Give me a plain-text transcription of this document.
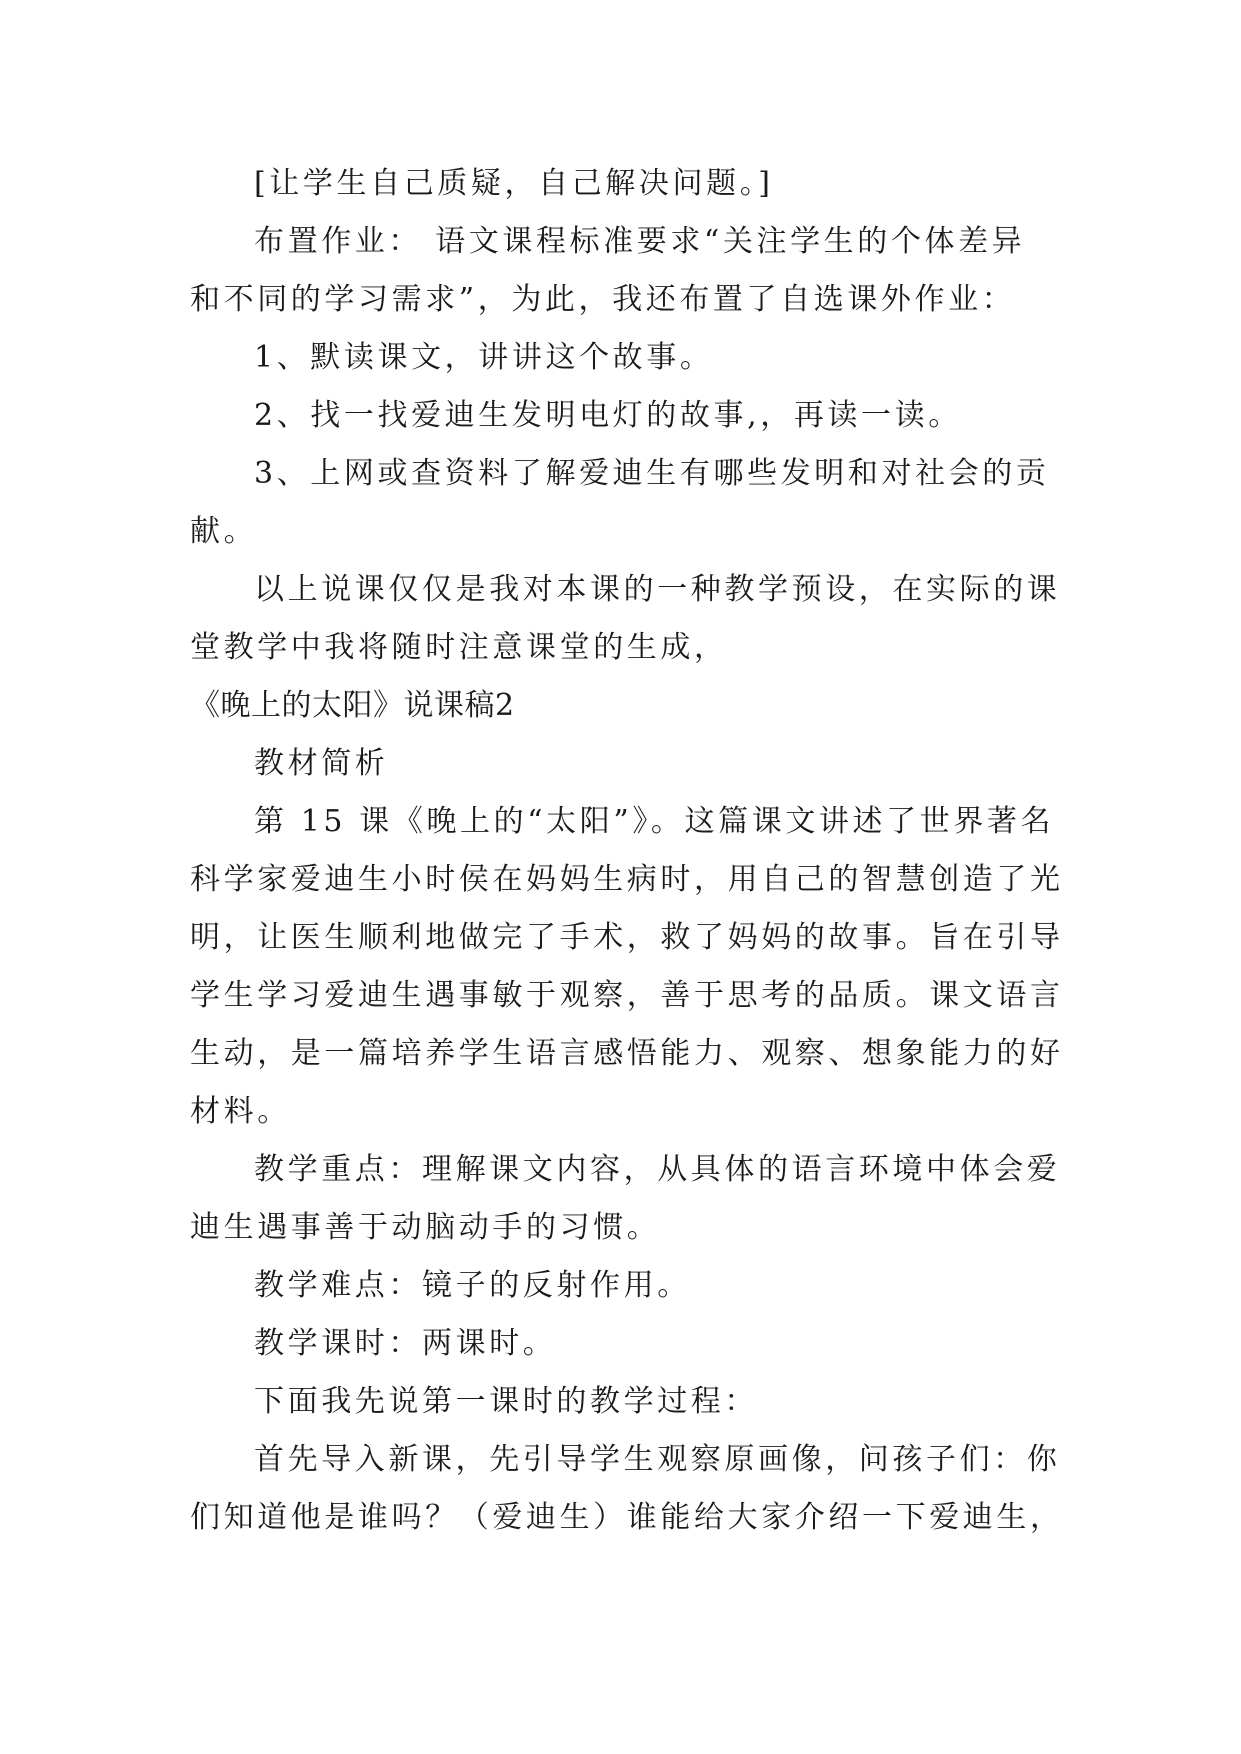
[让学生自己质疑，自己解决问题。]
布置作业： 语文课程标准要求“关注学生的个体差异
和不同的学习需求”，为此，我还布置了自选课外作业：
1、默读课文，讲讲这个故事。
2、找一找爱迪生发明电灯的故事,，再读一读。
3、上网或查资料了解爱迪生有哪些发明和对社会的贡
献。
以上说课仅仅是我对本课的一种教学预设，在实际的课
堂教学中我将随时注意课堂的生成，
《晚上的太阳》说课稿2
教材简析
第 15 课《晚上的“太阳”》。这篇课文讲述了世界著名
科学家爱迪生小时侯在妈妈生病时，用自己的智慧创造了光
明，让医生顺利地做完了手术，救了妈妈的故事。旨在引导
学生学习爱迪生遇事敏于观察，善于思考的品质。课文语言
生动，是一篇培养学生语言感悟能力、观察、想象能力的好
材料。
教学重点：理解课文内容，从具体的语言环境中体会爱
迪生遇事善于动脑动手的习惯。
教学难点：镜子的反射作用。
教学课时：两课时。
下面我先说第一课时的教学过程：
首先导入新课，先引导学生观察原画像，问孩子们：你
们知道他是谁吗？（爱迪生）谁能给大家介绍一下爱迪生，
